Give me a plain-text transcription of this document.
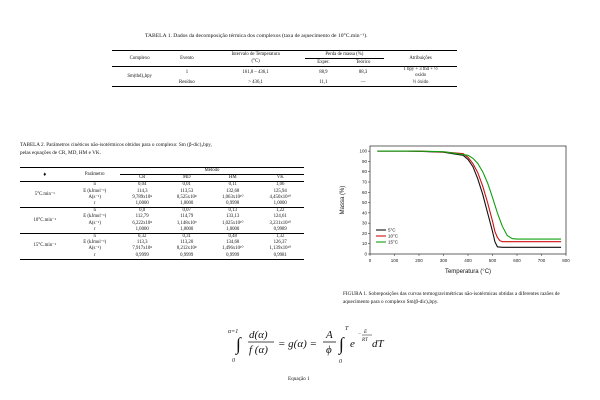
TABELA 1. Dados da decomposição térmica dos complexos (taxa de aquecimento de 10°C.min⁻¹).
Complexo	Evento	Intervalo de Temperatura	Perda de massa (%)		Atribuições
		(°C)	Exper.	Teórico	
Sm(thd)₃bpy	1	161,8 – 436,1	88,9	88,3	1 bpy + 3 thd + ½
oxido
	Resíduo	> 436,1	11,1	—	½ óxido
TABELA 2. Parâmetros cinéticos não-isotérmicos obtidos para o complexo: Sm (β-dic)₃bpy,
pelas equações de CR, MD, HM e VK.
♦	Parâmetro	Método			
		CR	MD	HM	VK
5°C.min⁻¹	n	0,04	0,01	0,11	1,06
	E (kJmol⁻¹)	114,3	113,53	132,68	125,94
	A(s⁻¹)	9,789x10⁸	8,525x10⁸	1,063x10¹⁰	4,450x10¹⁰
	r	1,0000	1,0000	0,9998	1,0000
10°C.min⁻¹	n	0,0	0,07	0,13	1,22
	E (kJmol⁻¹)	112,79	114,79	133,13	124,61
	A(s⁻¹)	6,222x10⁸	1,148x10⁹	1,025x10¹⁰	3,231x10¹⁰
	r	1,0000	1,0000	1,0000	0,9989
15°C.min⁻¹	n	0,32	0,31	0,48	1,32
	E (kJmol⁻¹)	113,3	113,20	134,68	126,37
	A(s⁻¹)	7,917x10⁸	8,212x10⁸	1,496x10¹⁰	1,139x10¹⁰
	r	0,9999	0,9999	0,9999	0,9981
0	100	200	300	400	500	600	700	800
0
10
20
30
40
50
60
70
80
90
100
Temperatura (°C)
Massa (%)
5°C
10°C
15°C
FIGURA 1. Sobreposições das curvas termogravimétricas não-isotérmicas obtidas a diferentes razões de aquecimento para o complexo Sm(β-dic)₃bpy.
α=1
∫
0
d(α)
f (α) = g(α) =
A
ϕ ∫
T
0
e
− E
RT dT
Equação 1
